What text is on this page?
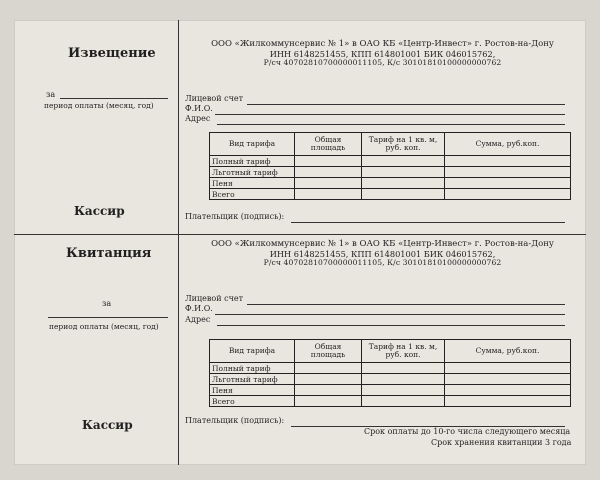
Извещение
за
период оплаты (месяц, год)
Кассир
Квитанция
за
период оплаты (месяц, год)
Кассир
ООО «Жилкоммунсервис № 1» в ОАО КБ «Центр-Инвест» г. Ростов-на-Дону
ИНН 6148251455, КПП 614801001 БИК 046015762,
Р/сч 40702810700000011105, К/с 30101810100000000762
Лицевой счет
Ф.И.О.
Адрес
Вид тарифа	Общая площадь	Тариф на 1 кв. м, руб. коп.	Сумма, руб.коп.
Полный тариф			
Льготный тариф			
Пеня			
Всего			
Плательщик (подпись):
ООО «Жилкоммунсервис № 1» в ОАО КБ «Центр-Инвест» г. Ростов-на-Дону
ИНН 6148251455, КПП 614801001 БИК 046015762,
Р/сч 40702810700000011105, К/с 30101810100000000762
Лицевой счет
Ф.И.О.
Адрес
Вид тарифа	Общая площадь	Тариф на 1 кв. м, руб. коп.	Сумма, руб.коп.
Полный тариф			
Льготный тариф			
Пеня			
Всего			
Плательщик (подпись):
Срок оплаты до 10-го числа следующего месяца
Срок хранения квитанции 3 года
